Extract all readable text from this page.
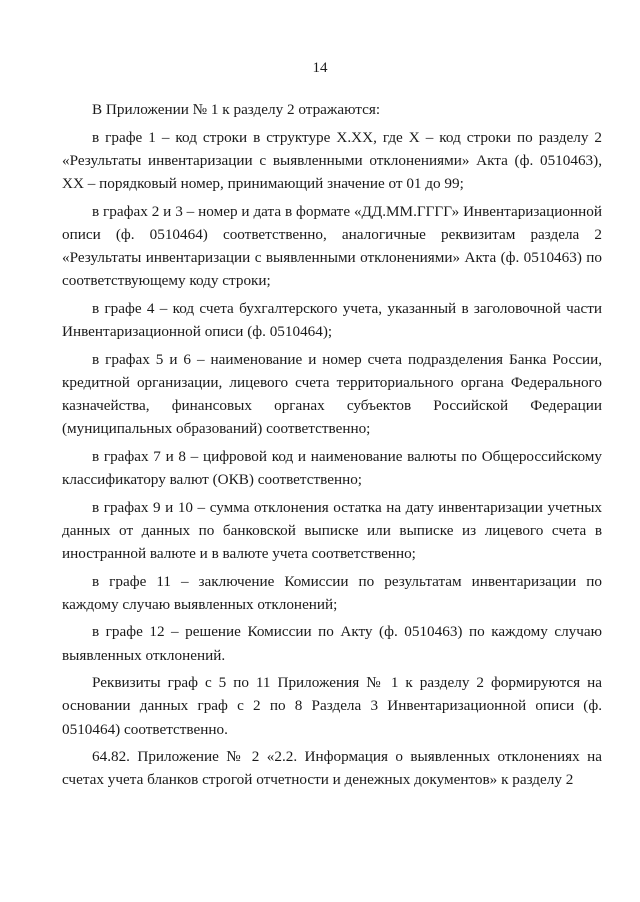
14

В Приложении № 1 к разделу 2 отражаются:

в графе 1 – код строки в структуре Х.ХХ, где Х – код строки по разделу 2 «Результаты инвентаризации с выявленными отклонениями» Акта (ф. 0510463), ХХ – порядковый номер, принимающий значение от 01 до 99;

в графах 2 и 3 – номер и дата в формате «ДД.ММ.ГГГГ» Инвентаризационной описи (ф. 0510464) соответственно, аналогичные реквизитам раздела 2 «Результаты инвентаризации с выявленными отклонениями» Акта (ф. 0510463) по соответствующему коду строки;

в графе 4 – код счета бухгалтерского учета, указанный в заголовочной части Инвентаризационной описи (ф. 0510464);

в графах 5 и 6 – наименование и номер счета подразделения Банка России, кредитной организации, лицевого счета территориального органа Федерального казначейства, финансовых органах субъектов Российской Федерации (муниципальных образований) соответственно;

в графах 7 и 8 – цифровой код и наименование валюты по Общероссийскому классификатору валют (ОКВ) соответственно;

в графах 9 и 10 – сумма отклонения остатка на дату инвентаризации учетных данных от данных по банковской выписке или выписке из лицевого счета в иностранной валюте и в валюте учета соответственно;

в графе 11 – заключение Комиссии по результатам инвентаризации по каждому случаю выявленных отклонений;

в графе 12 – решение Комиссии по Акту (ф. 0510463) по каждому случаю выявленных отклонений.

Реквизиты граф с 5 по 11 Приложения № 1 к разделу 2 формируются на основании данных граф с 2 по 8 Раздела 3 Инвентаризационной описи (ф. 0510464) соответственно.

64.82. Приложение № 2 «2.2. Информация о выявленных отклонениях на счетах учета бланков строгой отчетности и денежных документов» к разделу 2
